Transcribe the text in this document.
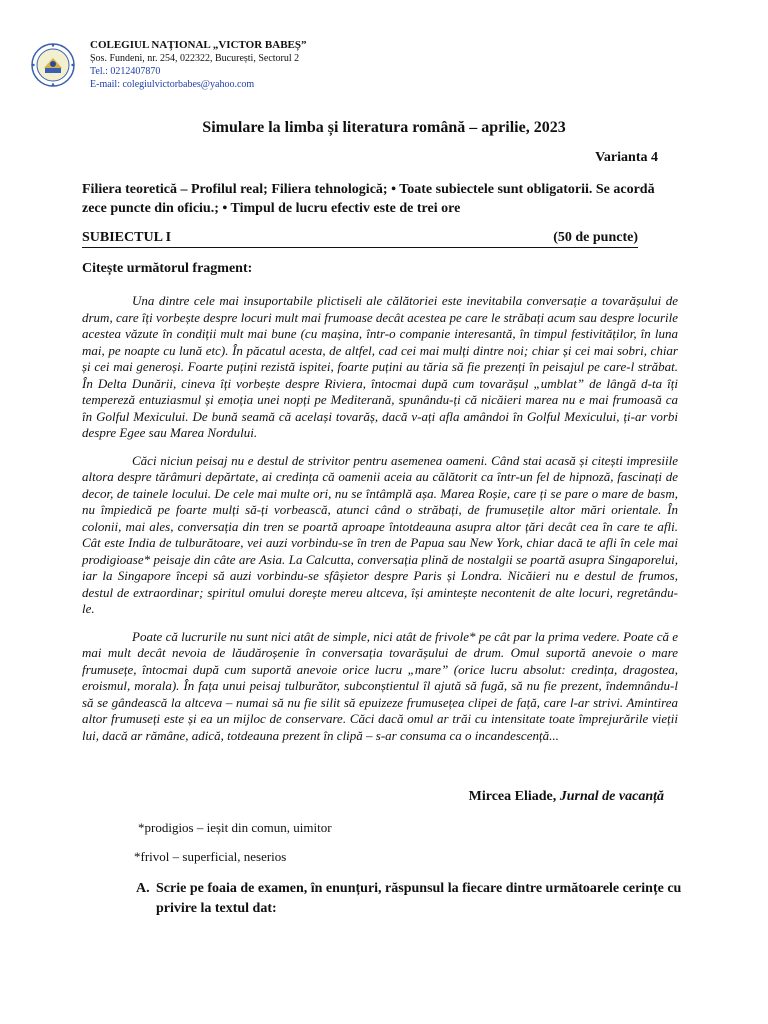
COLEGIUL NAȚIONAL „VICTOR BABEȘ”
Șos. Fundeni, nr. 254, 022322, București, Sectorul 2
Tel.: 0212407870
E-mail: colegiulvictorbabes@yahoo.com
Simulare la limba și literatura română – aprilie, 2023
Varianta 4
Filiera teoretică – Profilul real; Filiera tehnologică; • Toate subiectele sunt obligatorii. Se acordă zece puncte din oficiu.; • Timpul de lucru efectiv este de trei ore
SUBIECTUL I	(50 de puncte)
Citește următorul fragment:

Una dintre cele mai insuportabile plictiseli ale călătoriei este inevitabila conversație a tovarășului de drum, care îți vorbește despre locuri mult mai frumoase decât acestea pe care le străbați acum sau despre locurile acestea văzute în condiții mult mai bune (cu mașina, într-o companie interesantă, în timpul festivităților, în luna mai, pe noapte cu lună etc). În păcatul acesta, de altfel, cad cei mai mulți dintre noi; chiar și cei mai sobri, chiar și cei mai generoși. Foarte puțini rezistă ispitei, foarte puțini au tăria să fie prezenți în peisajul pe care-l străbat. În Delta Dunării, cineva îți vorbește despre Riviera, întocmai după cum tovarășul „umblat” de lângă d-ta îți tempereză entuziasmul și emoția unei nopți pe Mediterană, spunându-ți că nicăieri marea nu e mai frumoasă ca în Golful Mexicului. De bună seamă că același tovarăș, dacă v-ați afla amândoi în Golful Mexicului, ți-ar vorbi despre Egee sau Marea Nordului.

Căci niciun peisaj nu e destul de strivitor pentru asemenea oameni. Când stai acasă și citești impresiile altora despre tărâmuri depărtate, ai credința că oamenii aceia au călătorit ca într-un fel de hipnoză, fascinați de decor, de tainele locului. De cele mai multe ori, nu se întâmplă așa. Marea Roșie, care ți se pare o mare de basm, nu împiedică pe foarte mulți să-ți vorbească, atunci când o străbați, de frumusețile altor mări orientale. În colonii, mai ales, conversația din tren se poartă aproape întotdeauna asupra altor țări decât cea în care te afli. Cât este India de tulburătoare, vei auzi vorbindu-se în tren de Papua sau New York, chiar dacă te afli în cele mai prodigioase* peisaje din câte are Asia. La Calcutta, conversația plină de nostalgii se poartă asupra Singaporelui, iar la Singapore începi să auzi vorbindu-se sfâșietor despre Paris și Londra. Nicăieri nu e destul de frumos, destul de extraordinar; spiritul omului dorește mereu altceva, își amintește necontenit de alte locuri, regretându-le.

Poate că lucrurile nu sunt nici atât de simple, nici atât de frivole* pe cât par la prima vedere. Poate că e mai mult decât nevoia de lăudăroșenie în conversația tovarășului de drum. Omul suportă anevoie o mare frumusețe, întocmai după cum suportă anevoie orice lucru „mare” (orice lucru absolut: credința, dragostea, eroismul, morala). În fața unui peisaj tulburător, subconștientul îl ajută să fugă, să nu fie prezent, îndemnându-l să se gândească la altceva – numai să nu fie silit să epuizeze frumusețea clipei de față, care l-ar strivi. Amintirea altor frumuseți este și ea un mijloc de conservare. Căci dacă omul ar trăi cu intensitate toate împrejurările vieții lui, dacă ar rămâne, adică, totdeauna prezent în clipă – s-ar consuma ca o incandescență...

Mircea Eliade, Jurnal de vacanță
*prodigios – ieșit din comun, uimitor
*frivol – superficial, neserios
A. Scrie pe foaia de examen, în enunțuri, răspunsul la fiecare dintre următoarele cerințe cu privire la textul dat:
